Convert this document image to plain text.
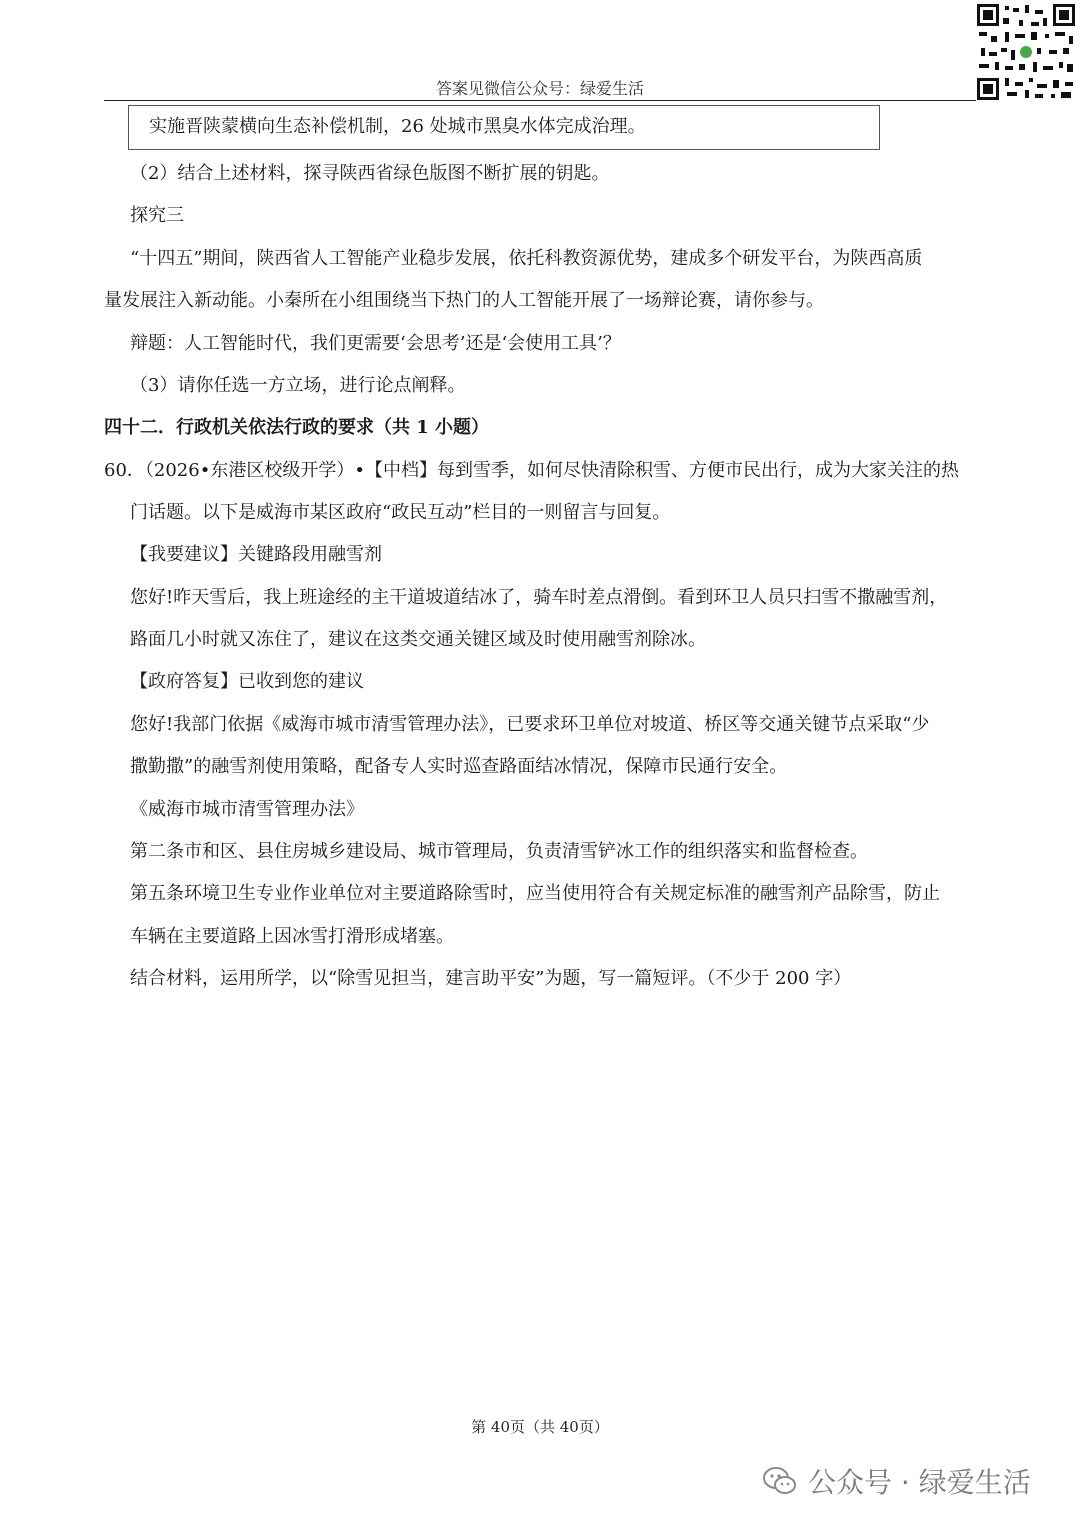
答案见微信公众号：绿爱生活
实施晋陕蒙横向生态补偿机制，26 处城市黑臭水体完成治理。
（2）结合上述材料，探寻陕西省绿色版图不断扩展的钥匙。
探究三
“十四五”期间，陕西省人工智能产业稳步发展，依托科教资源优势，建成多个研发平台，为陕西高质
量发展注入新动能。小秦所在小组围绕当下热门的人工智能开展了一场辩论赛，请你参与。
辩题：人工智能时代，我们更需要‘会思考’还是‘会使用工具’？
（3）请你任选一方立场，进行论点阐释。
四十二．行政机关依法行政的要求（共 1 小题）
60．（2026•东港区校级开学）•【中档】每到雪季，如何尽快清除积雪、方便市民出行，成为大家关注的热
门话题。以下是威海市某区政府“政民互动”栏目的一则留言与回复。
【我要建议】关键路段用融雪剂
您好!昨天雪后，我上班途经的主干道坡道结冰了，骑车时差点滑倒。看到环卫人员只扫雪不撒融雪剂，
路面几小时就又冻住了，建议在这类交通关键区域及时使用融雪剂除冰。
【政府答复】已收到您的建议
您好!我部门依据《威海市城市清雪管理办法》，已要求环卫单位对坡道、桥区等交通关键节点采取“少
撒勤撒”的融雪剂使用策略，配备专人实时巡查路面结冰情况，保障市民通行安全。
《威海市城市清雪管理办法》
第二条市和区、县住房城乡建设局、城市管理局，负责清雪铲冰工作的组织落实和监督检查。
第五条环境卫生专业作业单位对主要道路除雪时，应当使用符合有关规定标准的融雪剂产品除雪，防止
车辆在主要道路上因冰雪打滑形成堵塞。
结合材料，运用所学，以“除雪见担当，建言助平安”为题，写一篇短评。（不少于 200 字）
第 40页（共 40页）
公众号 · 绿爱生活
